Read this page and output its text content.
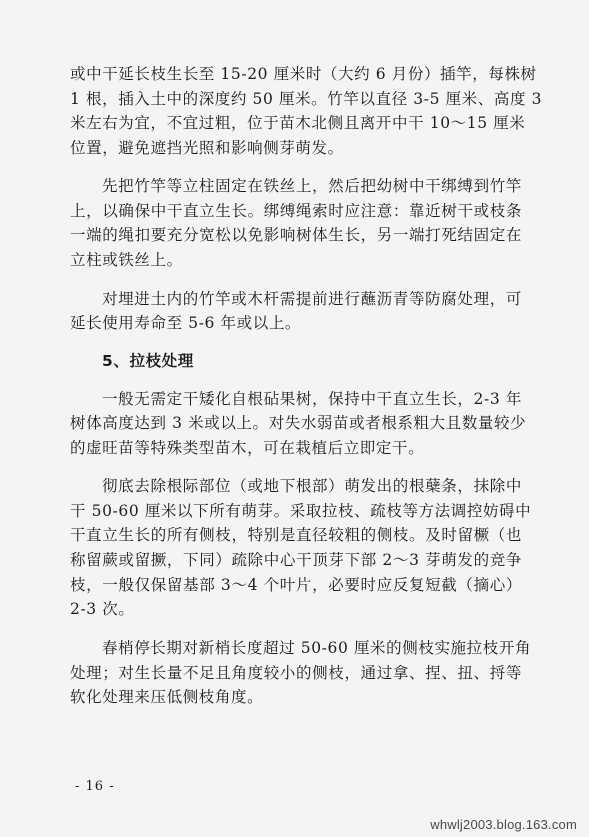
或中干延长枝生长至 15-20 厘米时（大约 6 月份）插竿，每株树
1 根，插入土中的深度约 50 厘米。竹竿以直径 3-5 厘米、高度 3
米左右为宜，不宜过粗，位于苗木北侧且离开中干 10～15 厘米
位置，避免遮挡光照和影响侧芽萌发。
先把竹竿等立柱固定在铁丝上，然后把幼树中干绑缚到竹竿
上，以确保中干直立生长。绑缚绳索时应注意：靠近树干或枝条
一端的绳扣要充分宽松以免影响树体生长，另一端打死结固定在
立柱或铁丝上。
对埋进土内的竹竿或木杆需提前进行蘸沥青等防腐处理，可
延长使用寿命至 5-6 年或以上。
5、拉枝处理
一般无需定干矮化自根砧果树，保持中干直立生长，2-3 年
树体高度达到 3 米或以上。对失水弱苗或者根系粗大且数量较少
的虚旺苗等特殊类型苗木，可在栽植后立即定干。
彻底去除根际部位（或地下根部）萌发出的根蘖条，抹除中
干 50-60 厘米以下所有萌芽。采取拉枝、疏枝等方法调控妨碍中
干直立生长的所有侧枝，特别是直径较粗的侧枝。及时留橛（也
称留蕨或留撅，下同）疏除中心干顶芽下部 2～3 芽萌发的竞争
枝，一般仅保留基部 3～4 个叶片，必要时应反复短截（摘心）
2-3 次。
春梢停长期对新梢长度超过 50-60 厘米的侧枝实施拉枝开角
处理；对生长量不足且角度较小的侧枝，通过拿、捏、扭、捋等
软化处理来压低侧枝角度。
- 16 -
whwlj2003.blog.163.com
